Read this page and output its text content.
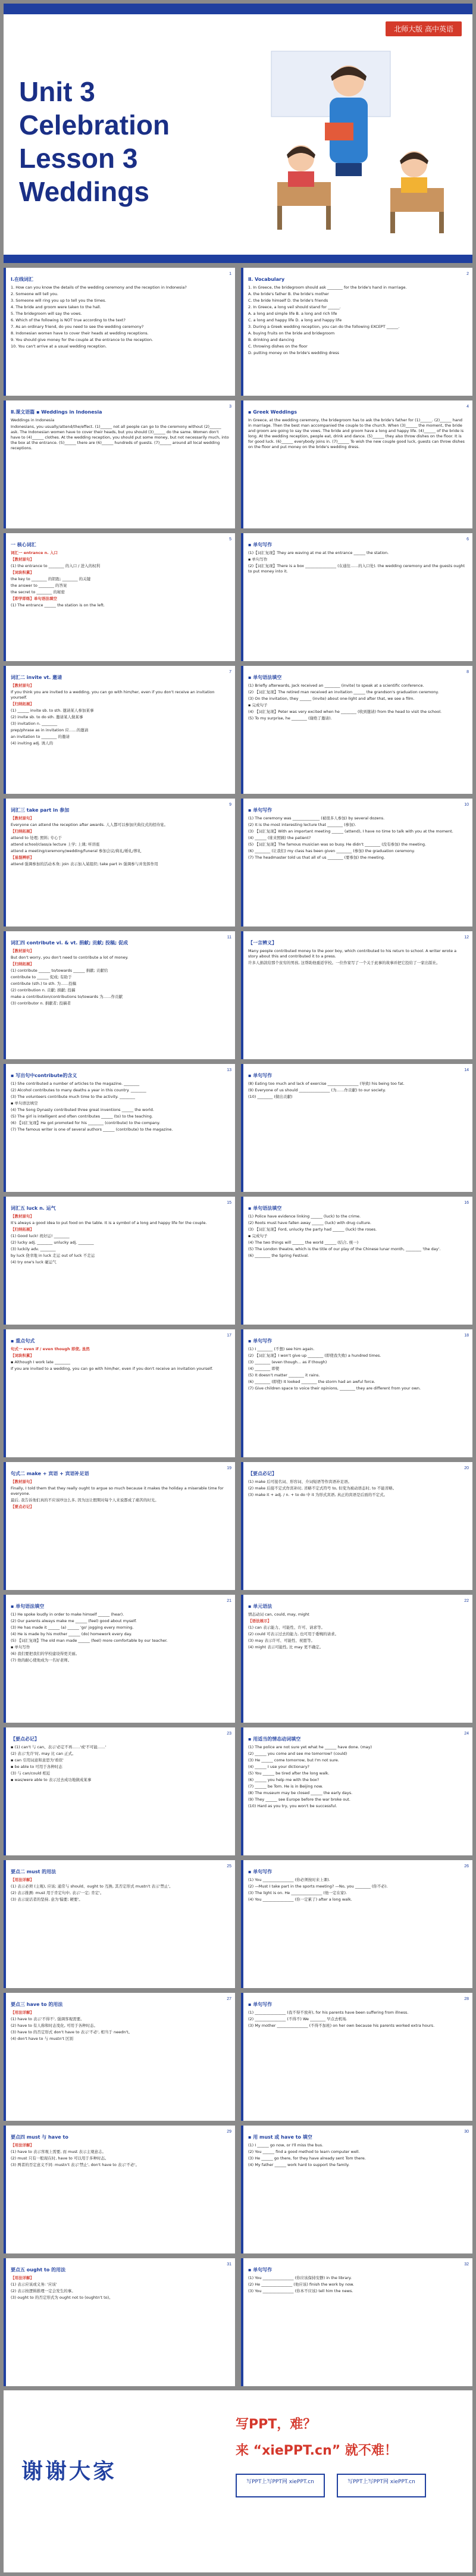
北师大版 高中英语
Unit 3
Celebration
Lesson 3
Weddings
1
Ⅰ.在线词汇

1. How can you know the details of the wedding ceremony and the reception in Indonesia?

2. Someone will tell you.

3. Someone will ring you up to tell you the times.

4. The bride and groom were taken to the hall.

5. The bridegroom will say the vows.

6. Which of the following is NOT true according to the text?

7. As an ordinary friend, do you need to see the wedding ceremony?

8. Indonesian women have to cover their heads at wedding receptions.

9. You should give money for the couple at the entrance to the reception.

10. You can't arrive at a usual wedding reception.

2
Ⅱ. Vocabulary

1. In Greece, the bridegroom should ask ________ for the bride's hand in marriage.

A. the bride's father B. the bride's mother

C. the bride himself D. the bride's friends

2. In Greece, a long veil should stand for ______.

A. a long and simple life B. a long and rich life

C. a long and happy life D. a long and happy life

3. During a Greek wedding reception, you can do the following EXCEPT ______.

A. buying fruits on the bride and bridegroom

B. drinking and dancing

C. throwing dishes on the floor

D. putting money on the bride's wedding dress

3
Ⅱ.课文语篇 ▪ Weddings in Indonesia

Weddings in Indonesia

Indonesians, you usually/attend/the/effect. (1)______ not all people can go to the ceremony without (2)______ ask. The Indonesian women have to cover their heads, but you should (3)______ do the same. Women don't have to (4)______ clothes. At the wedding reception, you should put some money, but not necessarily much, into the box at the entrance. (5)______ there are (6)______ hundreds of guests. (7)______ around all local wedding receptions.

4
▪ Greek Weddings

In Greece, at the wedding ceremony, the bridegroom has to ask the bride's father for (1)______. (2)______ hand in marriage. Then the best man accompanied the couple to the church. When (3)______ the moment, the bride and groom are going to say the vows. The bride and groom have a long and happy life. (4)______ of the bride is long. At the wedding reception, people eat, drink and dance. (5)______ they also throw dishes on the floor. It is for good luck. (6)______ everybody joins in. (7)______ To wish the new couple good luck, guests can throw dishes on the floor and put money on the bride's wedding dress.

5
一 核心词汇

词汇一 entrance n. 入口

【教材原句】

(1) the entrance to ________ 的入口 / 进入的权利

【词块积累】

the key to ________ 的钥匙; ________ 的关键

the answer to ________ 的答案

the secret to ________ 的秘密

【即学即练】单句语法填空

(1) The entrance ______ the station is on the left.

6
▪ 单句写作

(1)【词汇复现】They are waving at me at the entrance ______ the station.

▪ 单句写作

(2)【词汇复现】There is a box ________________ (在通往……的入口处). the wedding ceremony and the guests ought to put money into it.

7
词汇二 invite vt. 邀请

【教材原句】

If you think you are invited to a wedding, you can go with him/her, even if you don't receive an invitation yourself.

【归纳拓展】

(1) ______ invite sb. to sth. 邀请某人参加某事

(2) invite sb. to do sth. 邀请某人做某事

(3) invitation n. ________

prep/phrase as in invitation 应……的邀请

an invitation to ________ 的邀请

(4) inviting adj. 诱人的

8
▪ 单句语法填空

(1) Briefly afterwards, Jack received an ________ (invite) to speak at a scientific conference.

(2) 【词汇复现】The retired man received an invitation ______ the grandson's graduation ceremony.

(3) On the invitation, they ______ (invite) about one-light and after that, we see a film.

▪ 完成句子

(4) 【词汇复现】Peter was very excited when he ________ (收到邀请) from the head to visit the school.

(5) To my surprise, he ________ (谢绝了邀请).

9
词汇三 take part in 参加

【教材原句】

Everyone can attend the reception after awards. 人人都可以参加庆典仪式的招待宴。

【归纳拓展】

attend to 处理; 照料; 专心于

attend school/class/a lecture 上学; 上课; 听讲座

attend a meeting/ceremony/wedding/funeral 参加会议/典礼/婚礼/葬礼

【易混辨析】

attend 强调参加的活动本身; join 表示加入某组织; take part in 强调参与并发挥作用

10
▪ 单句写作

(1) The ceremony was ______________ (被很多人参加) by several dozens.

(2) It is the most interesting lecture that ________ (参加).

(3) 【词汇复现】With an important meeting ______ (attend), I have no time to talk with you at the moment.

(4) ______ (谁来照顾) the patient?

(5) 【词汇复现】The famous musician was so busy. He didn't ________ (没有参加) the meeting.

(6) ________ (让我们) my class has been given ________ (参加) the graduation ceremony.

(7) The headmaster told us that all of us ________ (要参加) the meeting.

11
词汇四 contribute vi. & vt. 捐献; 贡献; 投稿; 促成

【教材原句】

But don't worry, you don't need to contribute a lot of money.

【归纳拓展】

(1) contribute ______ to/towards ______ 捐献; 贡献给

contribute to ______ 促成; 有助于

contribute (sth.) to sth. 为……投稿

(2) contribution n. 贡献; 捐献; 投稿

make a contribution/contributions to/towards 为……作贡献

(3) contributor n. 捐献者; 投稿者

12
【一言辨义】

Many people contributed money to the poor boy, which contributed to his return to school. A writer wrote a story about this and contributed it to a press.

许多人捐款给那个贫穷的男孩, 这帮助他重返学校。一位作家写了一个关于此事的故事并把它投给了一家出版社。

13
▪ 写出句中contribute的含义

(1) She contributed a number of articles to the magazine. ________

(2) Alcohol contributes to many deaths a year in this country. ________

(3) The volunteers contribute much time to the activity. ________

▪ 单句语法填空

(4) The Song Dynasty contributed three great inventions ______ the world.

(5) The girl is intelligent and often contributes ______ (to) to the teaching.

(6) 【词汇复现】He got promoted for his ________ (contribute) to the company.

(7) The famous writer is one of several authors ______ (contribute) to the magazine.

14
▪ 单句写作

(8) Eating too much and lack of exercise ________________ (导致) his being too fat.

(9) Everyone of us should ________________ (为……作贡献) to our society.

(10) ________ (做出贡献)

15
词汇五 luck n. 运气

【教材原句】

It's always a good idea to put food on the table. It is a symbol of a long and happy life for the couple.

【归纳拓展】

(1) Good luck! 祝好运! ________

(2) lucky adj. ________ unlucky adj. ________

(3) luckily adv. ________

by luck 侥幸地 in luck 走运 out of luck 不走运

(4) try one's luck 碰运气

16
▪ 单句语法填空

(1) Police have evidence linking ______ (luck) to the crime.

(2) Roots must have fallen away ______ (luck) with drug culture.

(3) 【词汇复现】Ford, unlucky the party had ______ (luck) the roses.

▪ 完成句子

(4) The two things will ______ the world ______ (结合, 统一)

(5) The London theatre, which is the title of our play of the Chinese lunar month, ________ 'the day'.

(6) ________ the Spring Festival.

17
▪ 重点句式

句式一 even if / even though 即使, 虽然

【词块积累】

▪ Although I work late ________

If you are invited to a wedding, you can go with him/her, even if you don't receive an invitation yourself.

18
▪ 单句写作

(1) I ________ (不想) see him again.

(2) 【词汇复现】I won't give up ________ (即使我失败) a hundred times.

(3) ________ (even though... as if though)

(4) ________ 即使

(5) It doesn't matter ________ it rains.

(6) ________ (即使) It looked ________ the storm had an awful force.

(7) Give children space to voice their opinions, ________ they are different from your own.

19
句式二 make + 宾语 + 宾语补足语

【教材原句】

Finally, I told them that they really ought to argue so much because it makes the holiday a miserable time for everyone.

最后, 我告诉他们真的不应该吵这么多, 因为这让假期对每个人来说都成了痛苦的时光。

【要点必记】

20
【要点必记】

(1) make 后可接名词、形容词、介词短语等作宾语补足语。

(2) make 后接不定式作宾补时, 省略不定式符号 to, 但变为被动语态时, to 不能省略。

(3) make it + adj. / n. + to do 中 it 为形式宾语, 真正的宾语是后面的不定式。

21
▪ 单句语法填空

(1) He spoke loudly in order to make himself ______ (hear).

(2) Our parents always make me ______ (feel) good about myself.

(3) He has made it ______ (a) ______ 'go' jogging every morning.

(4) He is made by his mother ______ (do) homework every day.

(5) 【词汇复现】The old man made ______ (feel) more comfortable by our teacher.

▪ 单句写作

(6) 我们要把我们的学校建设得更美丽。

(7) 他的耐心使他成为一名好老师。

22
▪ 单元语法

情态动词 can, could, may, might

【语法展示】

(1) can 表示能力、可能性、许可、请求等。

(2) could 可表示过去的能力, 也可用于委婉的请求。

(3) may 表示许可、可能性、祝愿等。

(4) might 表示可能性, 比 may 更不确定。

23
【要点必记】

▪ (1) can't 与 can、表示'必定不再……'或'不可能……'

(2) 表示'允许'时, may 比 can 正式。

▪ can 引用词意和意思为'看似'

▪ be able to 可用于各种时态

(3) 与 can/could 相近

▪ was/were able to 表示过去成功地做成某事

24
▪ 用适当的情态动词填空

(1) The police are not sure yet what he ______ have done. (may)

(2) ______ you come and see me tomorrow? (could)

(3) He ______ come tomorrow, but I'm not sure.

(4) ______ I use your dictionary?

(5) You ______ be tired after the long walk.

(6) ______ you help me with the box?

(7) ______ be Tom. He is in Beijing now.

(8) The museum may be closed ______ the early days.

(9) They ______ see Europe before the war broke out.

(10) Hard as you try, you won't be successful.

25
要点二 must 的用法

【用法详解】

(1) 表示必须 (主观), 应该; 通常与 should、ought to 互换, 其否定形式 mustn't 表示'禁止'。

(2) 表示推测: must 用于肯定句中, 表示'一定; 肯定'。

(3) 表示说话者的坚持, 意为'偏要; 硬要'。

26
▪ 单句写作

(1) You ________________ (你必须按时来上课).

(2) —Must I take part in the sports meeting? —No, you ________ (你不必).

(3) The light is on. He ________________ (他一定在家).

(4) You ________________ (你一定累了) after a long walk.

27
要点三 have to 的用法

【用法详解】

(1) have to 表示'不得不', 强调客观需要。

(2) have to 有人称和时态变化, 可用于各种时态。

(3) have to 的否定形式 don't have to 表示'不必', 相当于 needn't。

(4) don't have to 与 mustn't 区别

28
▪ 单句写作

(1) ________________ (我不得不放弃), for his parents have been suffering from illness.

(2) ________________ (不得不) We ________ 早点去机场.

(3) My mother ________________ (不得不加班) on her own because his parents worked extra hours.

29
要点四 must 与 have to

【用法详解】

(1) have to 表示客观上需要, 而 must 表示主观意志。

(2) must 只有一般现在时, have to 可以用于多种时态。

(3) 两者的否定意义不同: mustn't 表示'禁止', don't have to 表示'不必'。

30
▪ 用 must 或 have to 填空

(1) I ______ go now, or I'll miss the bus.

(2) You ______ find a good method to learn computer well.

(3) He ______ go there, for they have already sent Tom there.

(4) My father ______ work hard to support the family.

31
要点五 ought to 的用法

【用法详解】

(1) 表示应该或义务: '应该'

(2) 表示按逻辑推理一定会发生的事。

(3) ought to 的否定形式为 ought not to (oughtn't to)。

32
▪ 单句写作

(1) You ________________ (你应该保持安静) in the library.

(2) He ________________ (他应该) finish the work by now.

(3) You ________________ (你本不应该) tell him the news.

谢谢大家
写PPT，难？
来 “xiePPT.cn” 就不难！
写PPT上写PPT网 xiePPT.cn	写PPT上写PPT网 xiePPT.cn
